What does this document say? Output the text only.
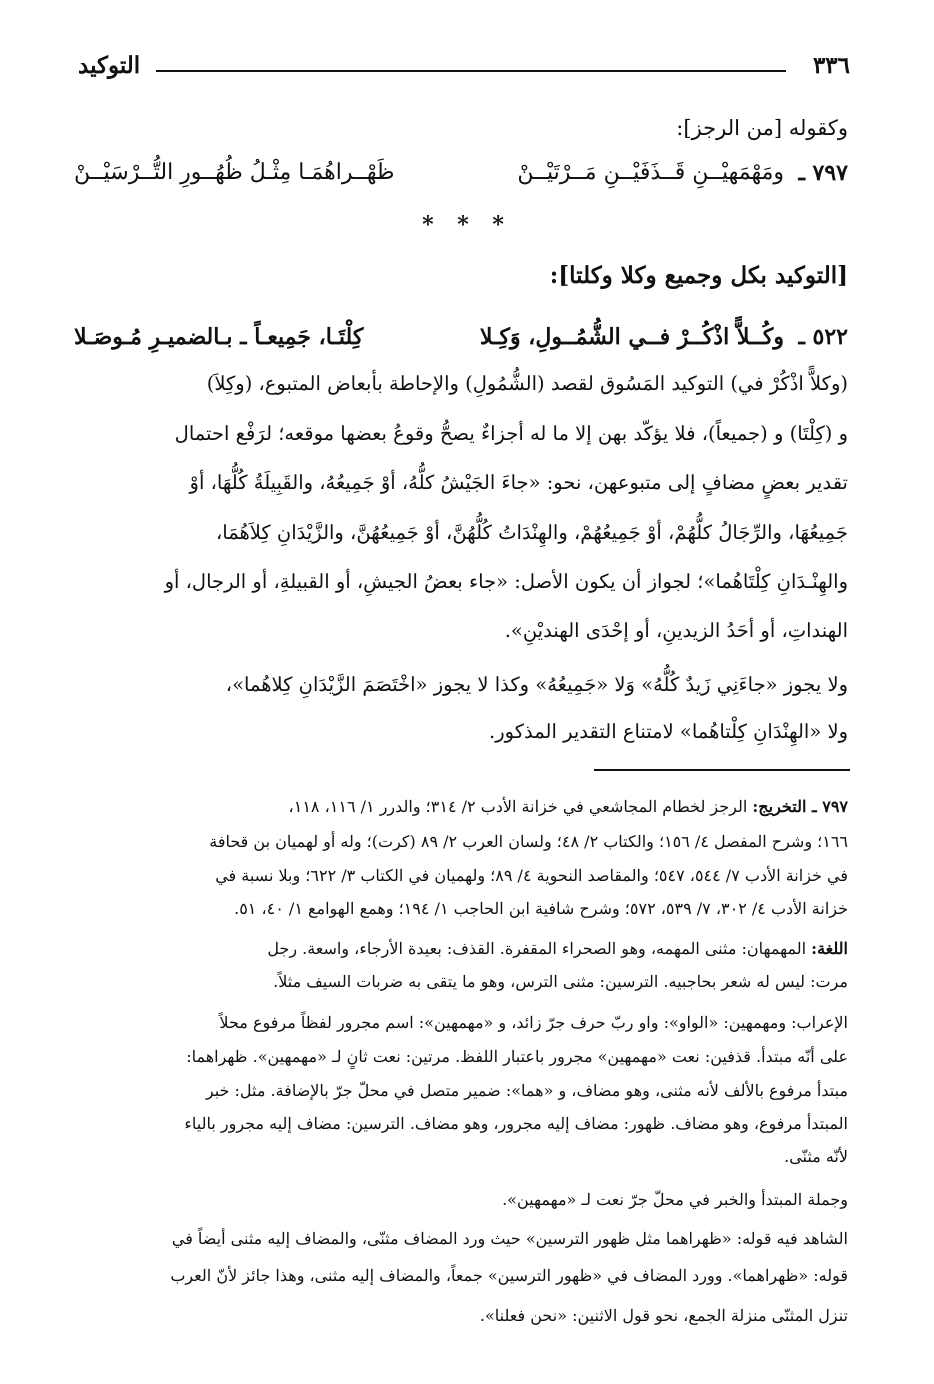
٣٣٦
التوكيد
وكقوله [من الرجز]:
٧٩٧ ـ
ومَهْمَهيْــنِ قَــذَفَيْــنِ مَــرْتَيْــنْ
ظَهْــراهُمَـا مِثْـلُ ظُهُــورِ التُّــرْسَيْــنْ
* * *
[التوكيد بكل وجميع وكلا وكلتا]:
٥٢٢ ـ
وكُــلاًّ اذْكُــرْ فــي الشُّمُــولِ، وَكِـلا
كِلْتَـا، جَمِيعـاً ـ بـالضميـرِ مُـوصَـلا
(وكلاًّ اذْكُرْ في) التوكيد المَسُوق لقصد (الشُّمُولِ) والإحاطة بأبعاض المتبوع، (وكِلاَ)
و (كِلْتَا) و (جميعاً)، فلا يؤكّد بهن إلا ما له أجزاءٌ يصحُّ وقوعُ بعضها موقعه؛ لرَفْع احتمال
تقدير بعضٍ مضافٍ إلى متبوعهن، نحو: «جاءَ الجَيْشُ كلُّهُ، أوْ جَمِيعُهُ، والقَبِيلَةُ كُلُّهَا، أوْ
جَمِيعُهَا، والرِّجَالُ كلُّهُمْ، أوْ جَمِيعُهُمْ، والهِنْدَاتُ كُلُّهُنَّ، أوْ جَمِيعُهُنَّ، والزَّيْدَانِ كِلاَهُمَا،
والهِنْـدَانِ كِلْتَاهُما»؛ لجواز أن يكون الأصل: «جاء بعضُ الجيشِ، أو القبيلةِ، أو الرجال، أو
الهنداتِ، أو أحَدُ الزيدينِ، أو إحْدَى الهنديْنِ».
ولا يجوز «جاءَنِي زَيدٌ كُلُّهُ» وَلا «جَمِيعُهُ» وكذا لا يجوز «اخْتَصَمَ الزَّيْدَانِ كِلاهُما»،
ولا «الهِنْدَانِ كِلْتاهُما» لامتناع التقدير المذكور.
٧٩٧ ـ التخريج: الرجز لخطام المجاشعي في خزانة الأدب ٢/ ٣١٤؛ والدرر ١/ ١١٦، ١١٨،
١٦٦؛ وشرح المفصل ٤/ ١٥٦؛ والكتاب ٢/ ٤٨؛ ولسان العرب ٢/ ٨٩ (كرت)؛ وله أو لهميان بن قحافة
في خزانة الأدب ٧/ ٥٤٤، ٥٤٧؛ والمقاصد النحوية ٤/ ٨٩؛ ولهميان في الكتاب ٣/ ٦٢٢؛ وبلا نسبة في
خزانة الأدب ٤/ ٣٠٢، ٧/ ٥٣٩، ٥٧٢؛ وشرح شافية ابن الحاجب ١/ ١٩٤؛ وهمع الهوامع ١/ ٤٠، ٥١.
اللغة: المهمهان: مثنى المهمه، وهو الصحراء المقفرة. القذف: بعيدة الأرجاء، واسعة. رجل
مرت: ليس له شعر بحاجبيه. الترسين: مثنى الترس، وهو ما يتقى به ضربات السيف مثلاً.
الإعراب: ومهمهين: «الواو»: واو ربّ حرف جرّ زائد، و «مهمهين»: اسم مجرور لفظاً مرفوع محلاً
على أنّه مبتدأ. قذفين: نعت «مهمهين» مجرور باعتبار اللفظ. مرتين: نعت ثانٍ لـ «مهمهين». ظهراهما:
مبتدأ مرفوع بالألف لأنه مثنى، وهو مضاف، و «هما»: ضمير متصل في محلّ جرّ بالإضافة. مثل: خبر
المبتدأ مرفوع، وهو مضاف. ظهور: مضاف إليه مجرور، وهو مضاف. الترسين: مضاف إليه مجرور بالياء
لأنّه مثنّى.
وجملة المبتدأ والخبر في محلّ جرّ نعت لـ «مهمهين».
الشاهد فيه قوله: «ظهراهما مثل ظهور الترسين» حيث ورد المضاف مثنّى، والمضاف إليه مثنى أيضاً في
قوله: «ظهراهما». وورد المضاف في «ظهور الترسين» جمعاً، والمضاف إليه مثنى، وهذا جائز لأنّ العرب
تنزل المثنّى منزلة الجمع، نحو قول الاثنين: «نحن فعلنا».
